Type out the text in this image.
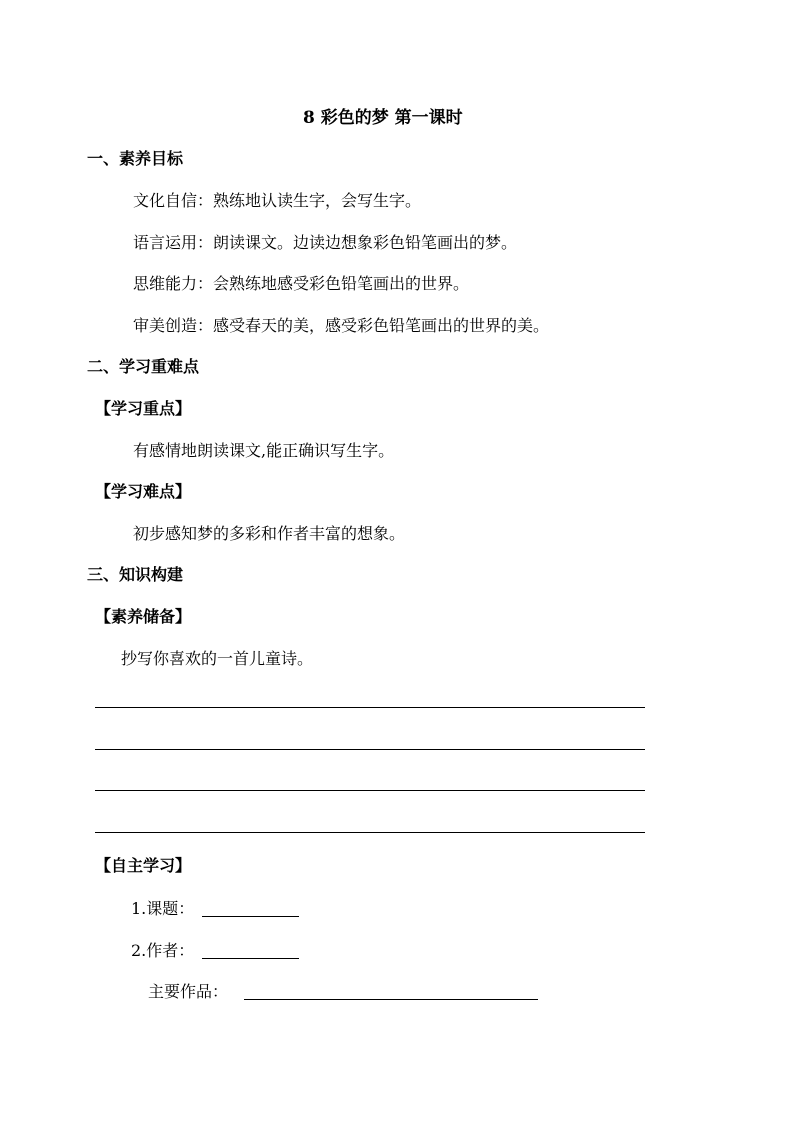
8 彩色的梦 第一课时
一、素养目标
文化自信：熟练地认读生字，会写生字。
语言运用：朗读课文。边读边想象彩色铅笔画出的梦。
思维能力：会熟练地感受彩色铅笔画出的世界。
审美创造：感受春天的美，感受彩色铅笔画出的世界的美。
二、学习重难点
【学习重点】
有感情地朗读课文,能正确识写生字。
【学习难点】
初步感知梦的多彩和作者丰富的想象。
三、知识构建
【素养储备】
抄写你喜欢的一首儿童诗。
【自主学习】
1.课题：
2.作者：
主要作品：
